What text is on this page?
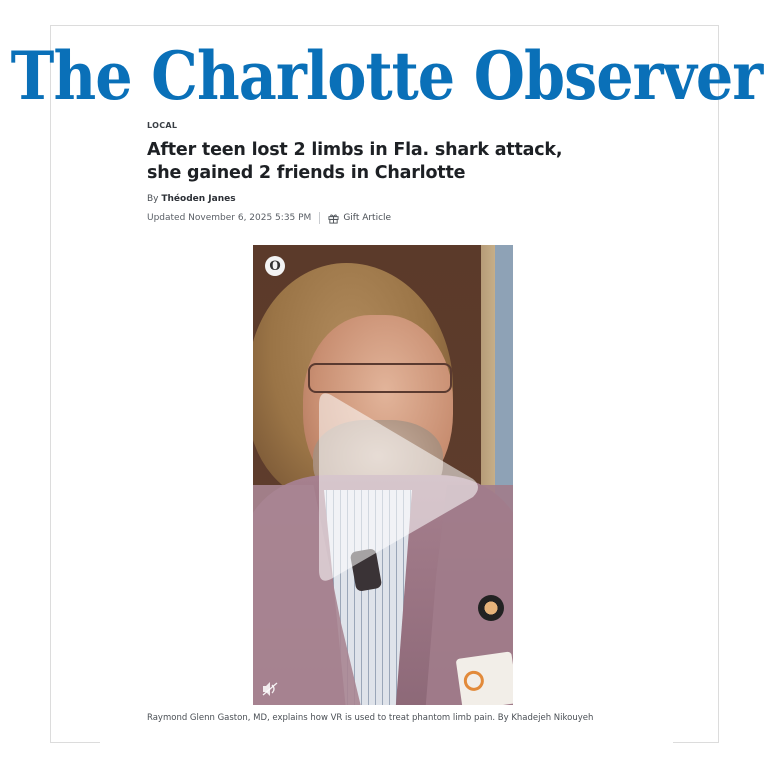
The Charlotte Observer
LOCAL
After teen lost 2 limbs in Fla. shark attack, she gained 2 friends in Charlotte
By Théoden Janes
Updated November 6, 2025 5:35 PM	Gift Article
O
Raymond Glenn Gaston, MD, explains how VR is used to treat phantom limb pain. By Khadejeh Nikouyeh
